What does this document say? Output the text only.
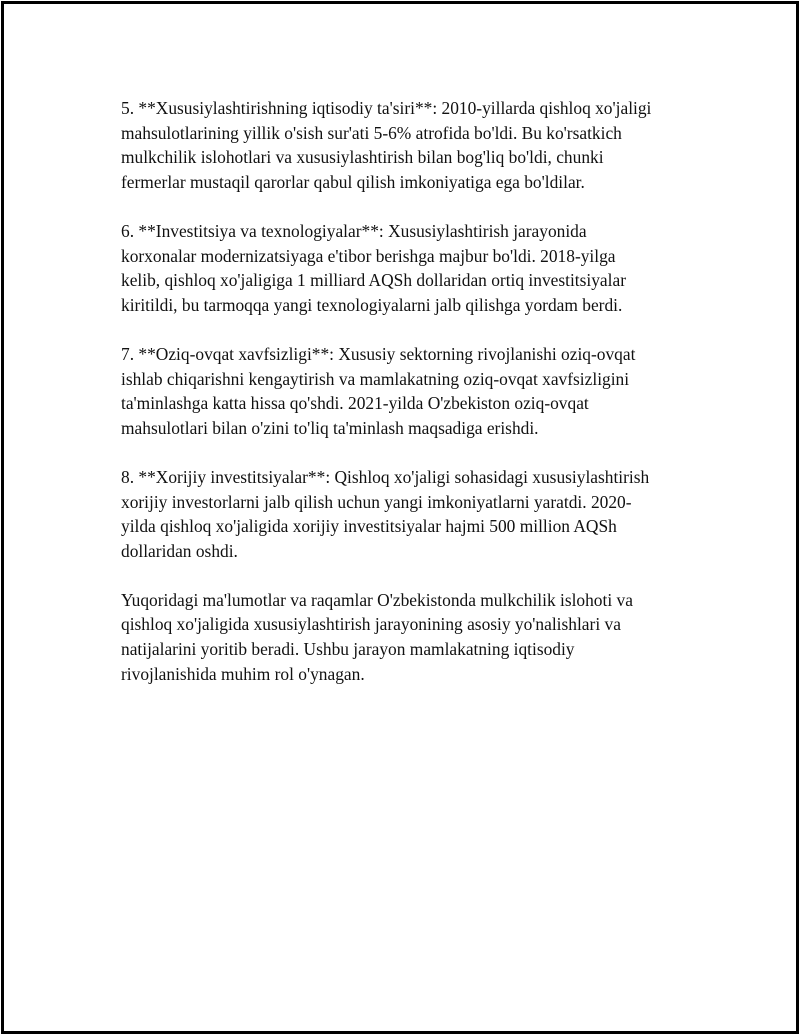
5. **Xususiylashtirishning iqtisodiy ta'siri**: 2010-yillarda qishloq xo'jaligi
mahsulotlarining yillik o'sish sur'ati 5-6% atrofida bo'ldi. Bu ko'rsatkich
mulkchilik islohotlari va xususiylashtirish bilan bog'liq bo'ldi, chunki
fermerlar mustaqil qarorlar qabul qilish imkoniyatiga ega bo'ldilar.

6. **Investitsiya va texnologiyalar**: Xususiylashtirish jarayonida
korxonalar modernizatsiyaga e'tibor berishga majbur bo'ldi. 2018-yilga
kelib, qishloq xo'jaligiga 1 milliard AQSh dollaridan ortiq investitsiyalar
kiritildi, bu tarmoqqa yangi texnologiyalarni jalb qilishga yordam berdi.

7. **Oziq-ovqat xavfsizligi**: Xususiy sektorning rivojlanishi oziq-ovqat
ishlab chiqarishni kengaytirish va mamlakatning oziq-ovqat xavfsizligini
ta'minlashga katta hissa qo'shdi. 2021-yilda O'zbekiston oziq-ovqat
mahsulotlari bilan o'zini to'liq ta'minlash maqsadiga erishdi.

8. **Xorijiy investitsiyalar**: Qishloq xo'jaligi sohasidagi xususiylashtirish
xorijiy investorlarni jalb qilish uchun yangi imkoniyatlarni yaratdi. 2020-
yilda qishloq xo'jaligida xorijiy investitsiyalar hajmi 500 million AQSh
dollaridan oshdi.

Yuqoridagi ma'lumotlar va raqamlar O'zbekistonda mulkchilik islohoti va
qishloq xo'jaligida xususiylashtirish jarayonining asosiy yo'nalishlari va
natijalarini yoritib beradi. Ushbu jarayon mamlakatning iqtisodiy
rivojlanishida muhim rol o'ynagan.
